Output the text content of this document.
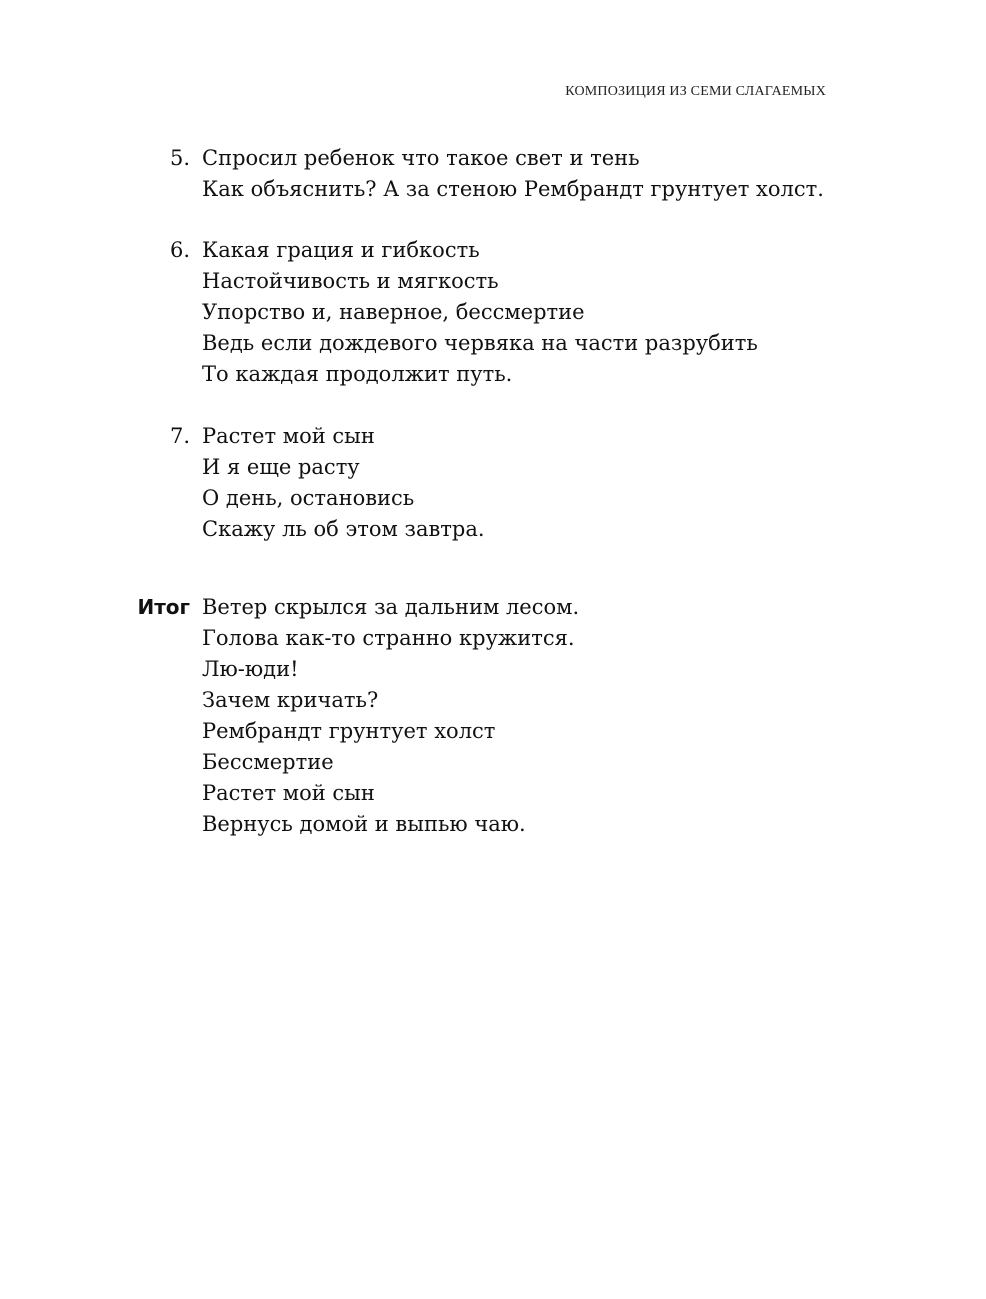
КОМПОЗИЦИЯ ИЗ СЕМИ СЛАГАЕМЫХ
5. Спросил ребенок что такое свет и тень
Как объяснить? А за стеною Рембрандт грунтует холст.
6. Какая грация и гибкость
Настойчивость и мягкость
Упорство и, наверное, бессмертие
Ведь если дождевого червяка на части разрубить
То каждая продолжит путь.
7. Растет мой сын
И я еще расту
О день, остановись
Скажу ль об этом завтра.
Итог Ветер скрылся за дальним лесом.
Голова как-то странно кружится.
Лю-юди!
Зачем кричать?
Рембрандт грунтует холст
Бессмертие
Растет мой сын
Вернусь домой и выпью чаю.
